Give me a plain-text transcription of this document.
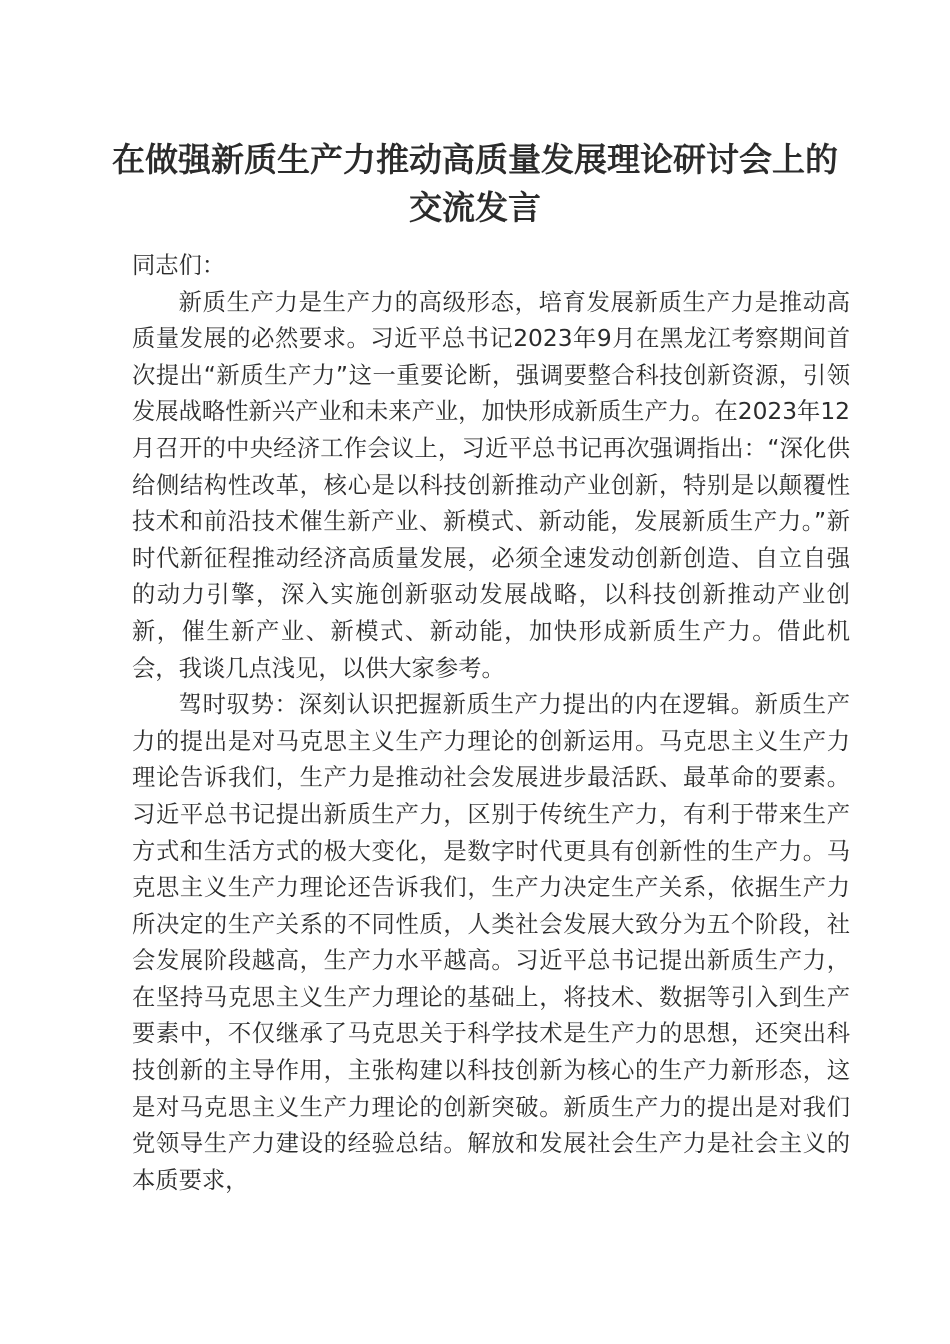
在做强新质生产力推动高质量发展理论研讨会上的交流发言

同志们：

新质生产力是生产力的高级形态，培育发展新质生产力是推动高质量发展的必然要求。习近平总书记2023年9月在黑龙江考察期间首次提出“新质生产力”这一重要论断，强调要整合科技创新资源，引领发展战略性新兴产业和未来产业，加快形成新质生产力。在2023年12月召开的中央经济工作会议上，习近平总书记再次强调指出：“深化供给侧结构性改革，核心是以科技创新推动产业创新，特别是以颠覆性技术和前沿技术催生新产业、新模式、新动能，发展新质生产力。”新时代新征程推动经济高质量发展，必须全速发动创新创造、自立自强的动力引擎，深入实施创新驱动发展战略，以科技创新推动产业创新，催生新产业、新模式、新动能，加快形成新质生产力。借此机会，我谈几点浅见，以供大家参考。

驾时驭势：深刻认识把握新质生产力提出的内在逻辑。新质生产力的提出是对马克思主义生产力理论的创新运用。马克思主义生产力理论告诉我们，生产力是推动社会发展进步最活跃、最革命的要素。习近平总书记提出新质生产力，区别于传统生产力，有利于带来生产方式和生活方式的极大变化，是数字时代更具有创新性的生产力。马克思主义生产力理论还告诉我们，生产力决定生产关系，依据生产力所决定的生产关系的不同性质，人类社会发展大致分为五个阶段，社会发展阶段越高，生产力水平越高。习近平总书记提出新质生产力，在坚持马克思主义生产力理论的基础上，将技术、数据等引入到生产要素中，不仅继承了马克思关于科学技术是生产力的思想，还突出科技创新的主导作用，主张构建以科技创新为核心的生产力新形态，这是对马克思主义生产力理论的创新突破。新质生产力的提出是对我们党领导生产力建设的经验总结。解放和发展社会生产力是社会主义的本质要求，
